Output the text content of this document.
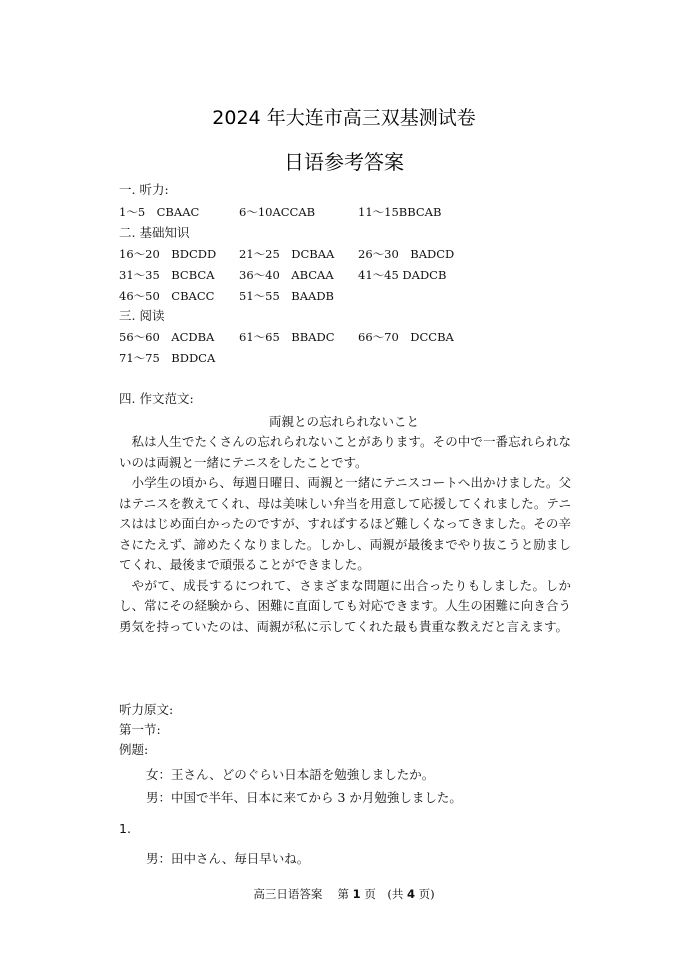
2024 年大连市高三双基测试卷
日语参考答案
一. 听力:
1～5　CBAAC	6～10ACCAB	11～15BBCAB
二. 基础知识
16～20　BDCDD 21～25　DCBAA 26～30　BADCD
31～35　BCBCA 36～40　ABCAA 41～45 DADCB
46～50　CBACC 51～55　BAADB
三. 阅读
56～60　ACDBA 61～65　BBADC 66～70　DCCBA
71～75　BDDCA
四. 作文范文:
両親との忘れられないこと

私は人生でたくさんの忘れられないことがあります。その中で一番忘れられないのは両親と一緒にテニスをしたことです。

小学生の頃から、毎週日曜日、両親と一緒にテニスコートへ出かけました。父はテニスを教えてくれ、母は美味しい弁当を用意して応援してくれました。テニスははじめ面白かったのですが、すればするほど難しくなってきました。その辛さにたえず、諦めたくなりました。しかし、両親が最後までやり抜こうと励ましてくれ、最後まで頑張ることができました。

やがて、成長するにつれて、さまざまな問題に出合ったりもしました。しかし、常にその経験から、困難に直面しても対応できます。人生の困難に向き合う勇気を持っていたのは、両親が私に示してくれた最も貴重な教えだと言えます。

听力原文:
第一节:
例题:
女：王さん、どのぐらい日本語を勉強しましたか。
男：中国で半年、日本に来てから 3 か月勉強しました。
1.
男：田中さん、毎日早いね。
高三日语答案　 第 1 页　(共 4 页)
